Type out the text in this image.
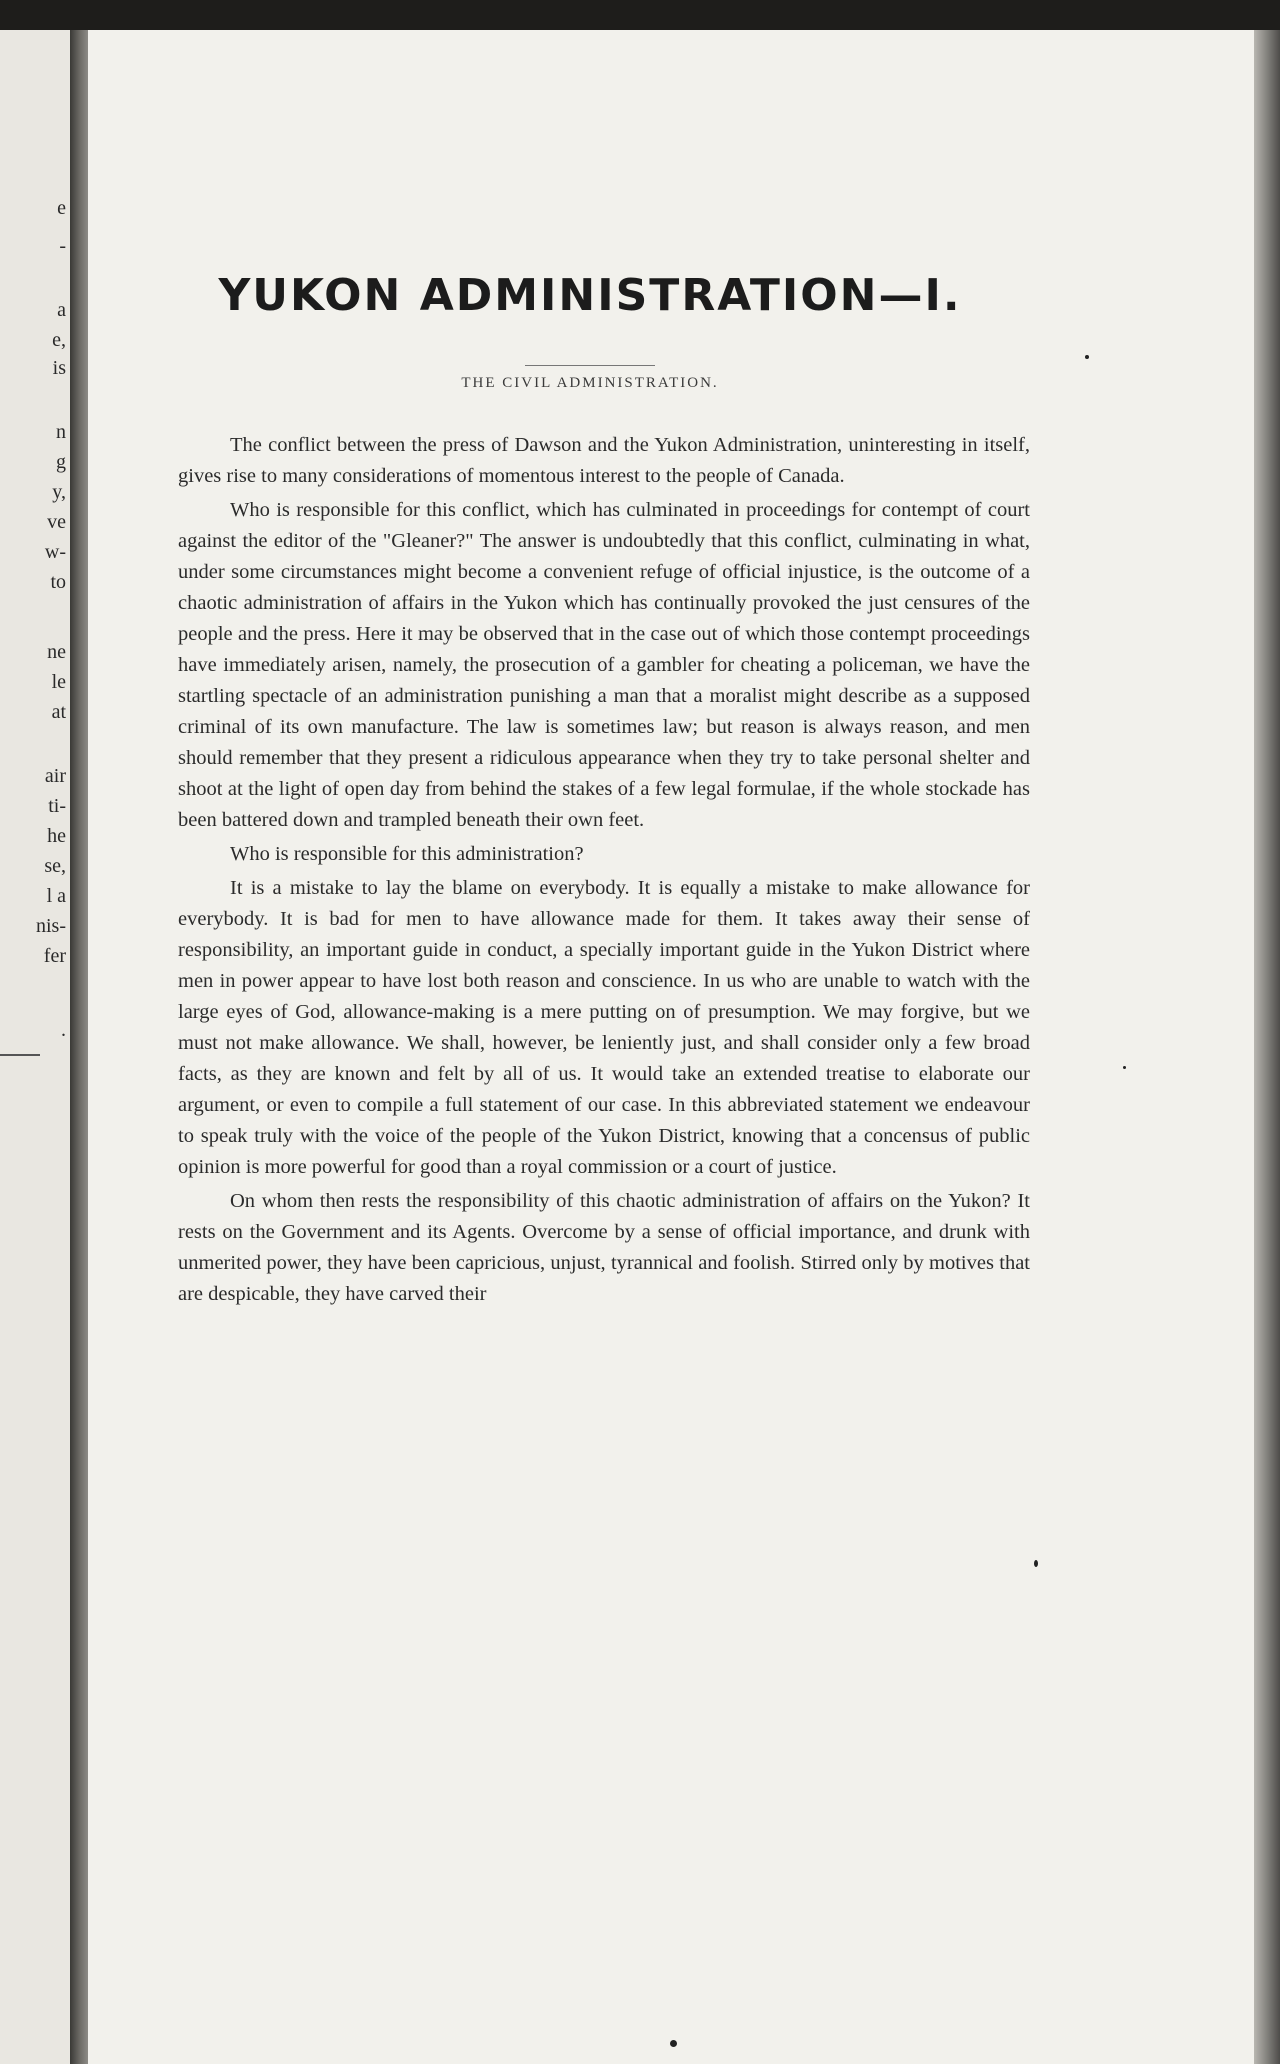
e
-
a
e,
is
n
g
y,
ve
w-
to
ne
le
at
air
ti-
he
se,
l a
nis-
fer
.
YUKON ADMINISTRATION—I.
THE CIVIL ADMINISTRATION.

The conflict between the press of Dawson and the Yukon Administration, uninteresting in itself, gives rise to many considerations of momentous interest to the people of Canada.

Who is responsible for this conflict, which has culminated in proceedings for contempt of court against the editor of the "Gleaner?" The answer is undoubtedly that this conflict, culminating in what, under some circumstances might become a convenient refuge of official injustice, is the outcome of a chaotic administration of affairs in the Yukon which has continually provoked the just censures of the people and the press. Here it may be observed that in the case out of which those contempt proceedings have immediately arisen, namely, the prosecution of a gambler for cheating a policeman, we have the startling spectacle of an administration punishing a man that a moralist might describe as a supposed criminal of its own manufacture. The law is sometimes law; but reason is always reason, and men should remember that they present a ridiculous appearance when they try to take personal shelter and shoot at the light of open day from behind the stakes of a few legal formulae, if the whole stockade has been battered down and trampled beneath their own feet.

Who is responsible for this administration?

It is a mistake to lay the blame on everybody. It is equally a mistake to make allowance for everybody. It is bad for men to have allowance made for them. It takes away their sense of responsibility, an important guide in conduct, a specially important guide in the Yukon District where men in power appear to have lost both reason and conscience. In us who are unable to watch with the large eyes of God, allowance-making is a mere putting on of presumption. We may forgive, but we must not make allowance. We shall, however, be leniently just, and shall consider only a few broad facts, as they are known and felt by all of us. It would take an extended treatise to elaborate our argument, or even to compile a full statement of our case. In this abbreviated statement we endeavour to speak truly with the voice of the people of the Yukon District, knowing that a concensus of public opinion is more powerful for good than a royal commission or a court of justice.

On whom then rests the responsibility of this chaotic administration of affairs on the Yukon? It rests on the Government and its Agents. Overcome by a sense of official importance, and drunk with unmerited power, they have been capricious, unjust, tyrannical and foolish. Stirred only by motives that are despicable, they have carved their
